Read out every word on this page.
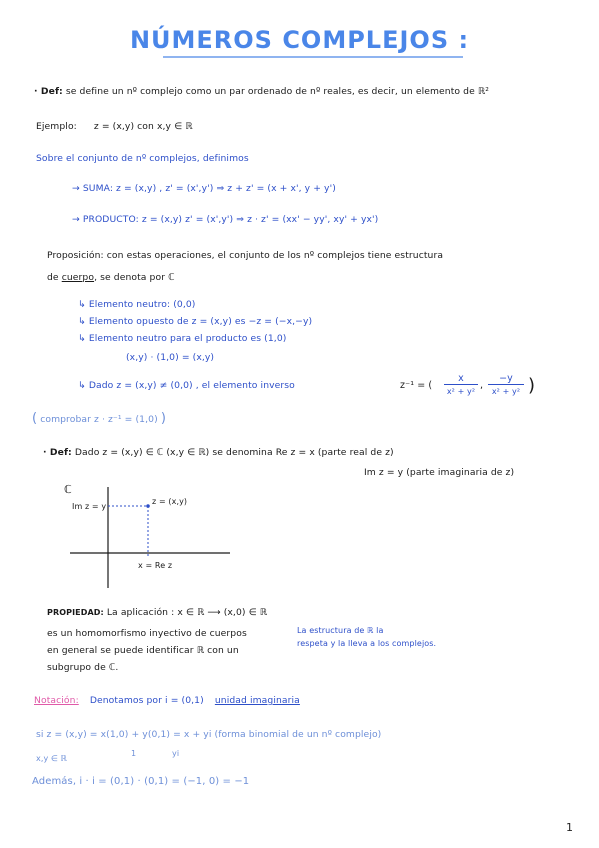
NÚMEROS COMPLEJOS :
· Def: se define un nº complejo como un par ordenado de nº reales, es decir, un elemento de ℝ²
Ejemplo: z = (x,y) con x,y ∈ ℝ
Sobre el conjunto de nº complejos, definimos
→ SUMA: z = (x,y) , z' = (x',y') ⇒ z + z' = (x + x', y + y')
→ PRODUCTO: z = (x,y) z' = (x',y') ⇒ z · z' = (xx' − yy', xy' + yx')
Proposición: con estas operaciones, el conjunto de los nº complejos tiene estructura
de cuerpo, se denota por ℂ
↳ Elemento neutro: (0,0)
↳ Elemento opuesto de z = (x,y) es −z = (−x,−y)
↳ Elemento neutro para el producto es (1,0)
(x,y) · (1,0) = (x,y)
↳ Dado z = (x,y) ≠ (0,0) , el elemento inverso	z⁻¹ = (
x
x² + y²
,
−y
x² + y² )
( comprobar z · z⁻¹ = (1,0) )
· Def: Dado z = (x,y) ∈ ℂ (x,y ∈ ℝ) se denomina Re z = x (parte real de z)
Im z = y (parte imaginaria de z)
ℂ
Im z = y
z = (x,y)
x = Re z
PROPIEDAD: La aplicación : x ∈ ℝ ⟶ (x,0) ∈ ℝ
es un homomorfismo inyectivo de cuerpos
en general se puede identificar ℝ con un
subgrupo de ℂ.
La estructura de ℝ la
respeta y la lleva a los complejos.
Notación: Denotamos por i = (0,1) unidad imaginaria
si z = (x,y) = x(1,0) + y(0,1) = x + yi (forma binomial de un nº complejo)
1	yi
x,y ∈ ℝ
Además, i · i = (0,1) · (0,1) = (−1, 0) = −1
1
